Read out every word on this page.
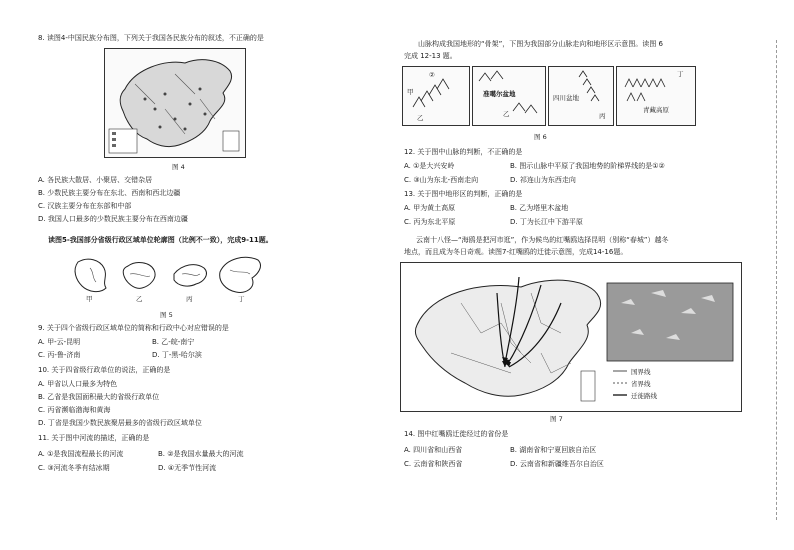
8. 读图4-中国民族分布图，下列关于我国各民族分布的叙述，不正确的是
图 4
A. 各民族大散居、小聚居、交错杂居
B. 少数民族主要分布在东北、西南和西北边疆
C. 汉族主要分布在东部和中部
D. 我国人口最多的少数民族主要分布在西南边疆
读图5-我国部分省级行政区域单位轮廓图（比例不一致），完成9-11题。
甲	乙	丙	丁
图 5
9. 关于四个省级行政区域单位的简称和行政中心对应错误的是
A. 甲-云-昆明	B. 乙-皖-南宁
C. 丙-鲁-济南	D. 丁-黑-哈尔滨
10. 关于四省级行政单位的说法，正确的是
A. 甲省以人口最多为特色
B. 乙省是我国面积最大的省级行政单位
C. 丙省濒临渤海和黄海
D. 丁省是我国少数民族聚居最多的省级行政区域单位
11. 关于图中河流的描述，正确的是
A. ①是我国流程最长的河流	B. ②是我国水量最大的河流
C. ③河流冬季有结冰期	D. ④无季节性河流
山脉构成我国地形的“骨架”，下图为我国部分山脉走向和地形区示意图。读图 6
完成 12-13 题。
甲
②
乙
准噶尔盆地
乙
四川盆地
丙
青藏高原
丁
图 6
12. 关于图中山脉的判断，不正确的是
A. ①是大兴安岭	B. 图示山脉中平原了我国地势的阶梯界线的是①②
C. ③山为东北-西南走向	D. 祁连山为东西走向
13. 关于图中地形区的判断，正确的是
A. 甲为黄土高原	B. 乙为塔里木盆地
C. 丙为东北平原	D. 丁为长江中下游平原
云南十八怪—“海鸥是把河市逛”，作为候鸟的红嘴鸥选择昆明（别称“春城”）越冬
地点，而且成为冬日奇观。读图7-红嘴鸥的迁徙示意图，完成14-16题。
国界线
省界线
迁徙路线
图 7
14. 图中红嘴鸥迁徙经过的省份是
A. 四川省和山西省	B. 湖南省和宁夏回族自治区
C. 云南省和陕西省	D. 云南省和新疆维吾尔自治区
